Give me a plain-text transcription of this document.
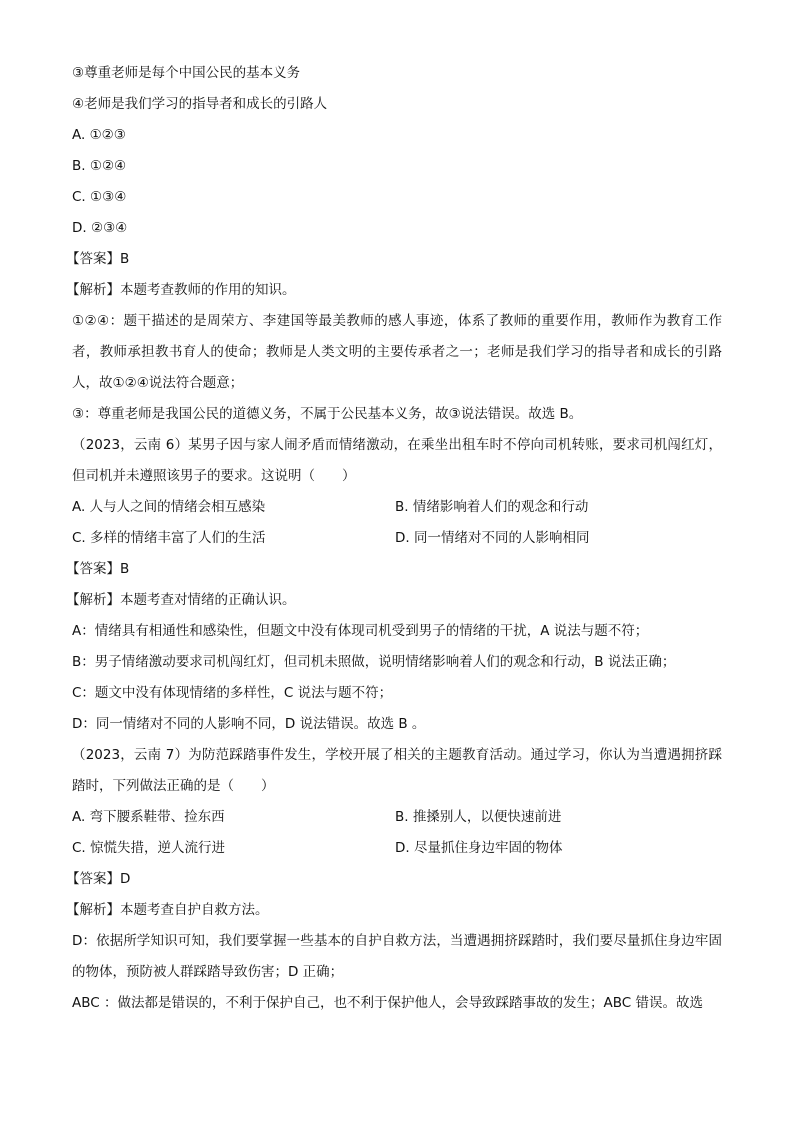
③尊重老师是每个中国公民的基本义务
④老师是我们学习的指导者和成长的引路人
A. ①②③
B. ①②④
C. ①③④
D. ②③④
【答案】B
【解析】本题考查教师的作用的知识。
①②④：题干描述的是周荣方、李建国等最美教师的感人事迹，体系了教师的重要作用，教师作为教育工作者，教师承担教书育人的使命；教师是人类文明的主要传承者之一；老师是我们学习的指导者和成长的引路人，故①②④说法符合题意；
③：尊重老师是我国公民的道德义务，不属于公民基本义务，故③说法错误。故选 B。
（2023，云南 6）某男子因与家人闹矛盾而情绪激动，在乘坐出租车时不停向司机转账，要求司机闯红灯，但司机并未遵照该男子的要求。这说明（　　）
A. 人与人之间的情绪会相互感染	B. 情绪影响着人们的观念和行动
C. 多样的情绪丰富了人们的生活	D. 同一情绪对不同的人影响相同
【答案】B
【解析】本题考查对情绪的正确认识。
A：情绪具有相通性和感染性，但题文中没有体现司机受到男子的情绪的干扰，A 说法与题不符；
B：男子情绪激动要求司机闯红灯，但司机未照做，说明情绪影响着人们的观念和行动，B 说法正确；
C：题文中没有体现情绪的多样性，C 说法与题不符；
D：同一情绪对不同的人影响不同，D 说法错误。故选 B 。
（2023，云南 7）为防范踩踏事件发生，学校开展了相关的主题教育活动。通过学习，你认为当遭遇拥挤踩踏时，下列做法正确的是（　　）
A. 弯下腰系鞋带、捡东西	B. 推搡别人，以便快速前进
C. 惊慌失措，逆人流行进	D. 尽量抓住身边牢固的物体
【答案】D
【解析】本题考查自护自救方法。
D：依据所学知识可知，我们要掌握一些基本的自护自救方法，当遭遇拥挤踩踏时，我们要尽量抓住身边牢固的物体，预防被人群踩踏导致伤害；D 正确；
ABC ：做法都是错误的，不利于保护自己，也不利于保护他人，会导致踩踏事故的发生；ABC 错误。故选
